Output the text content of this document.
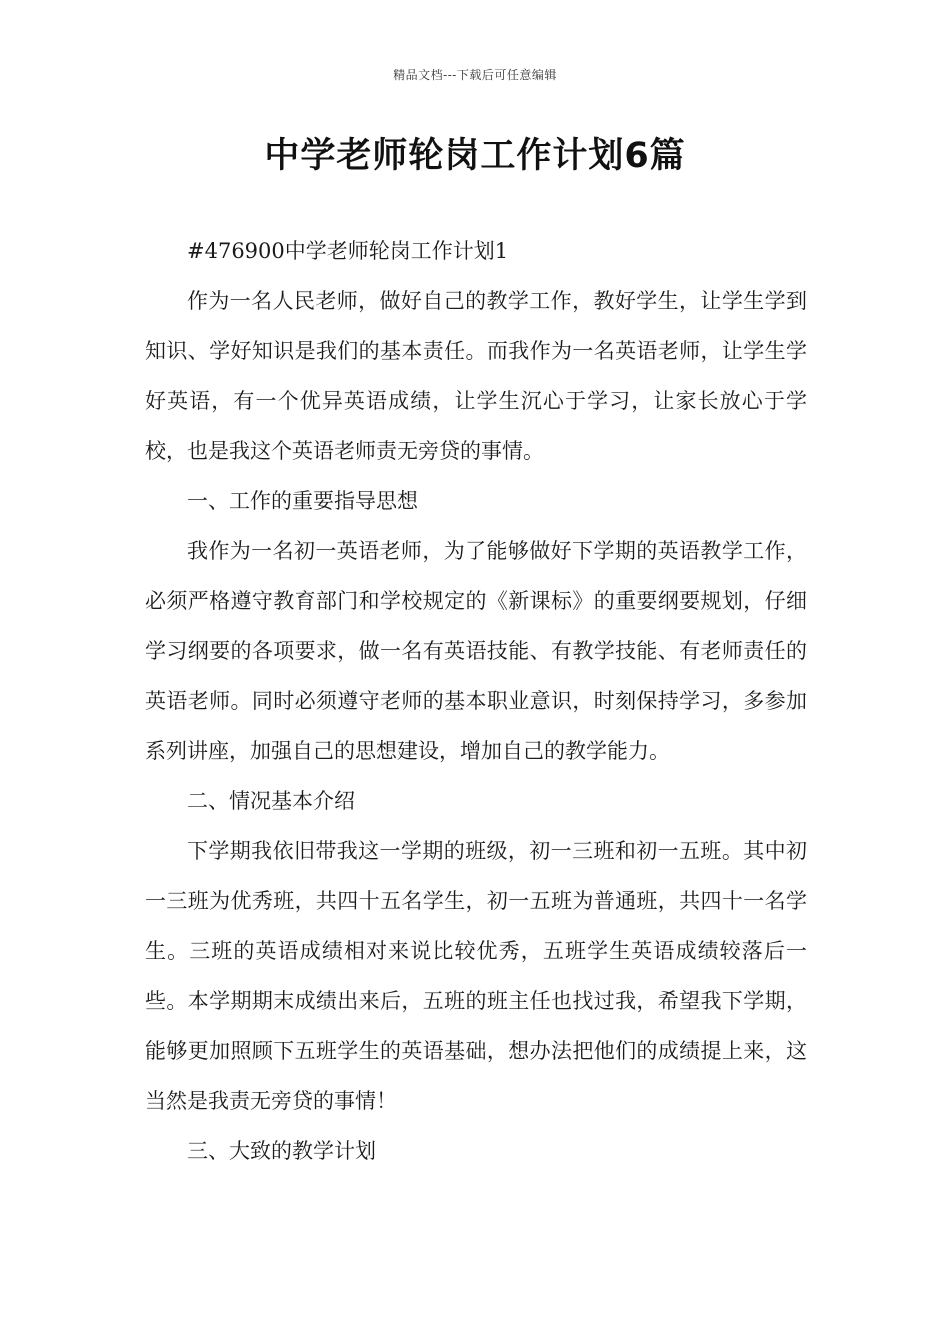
精品文档---下载后可任意编辑
中学老师轮岗工作计划6篇

#476900中学老师轮岗工作计划1

作为一名人民老师，做好自己的教学工作，教好学生，让学生学到知识、学好知识是我们的基本责任。而我作为一名英语老师，让学生学好英语，有一个优异英语成绩，让学生沉心于学习，让家长放心于学校，也是我这个英语老师责无旁贷的事情。

一、工作的重要指导思想

我作为一名初一英语老师，为了能够做好下学期的英语教学工作，必须严格遵守教育部门和学校规定的《新课标》的重要纲要规划，仔细学习纲要的各项要求，做一名有英语技能、有教学技能、有老师责任的英语老师。同时必须遵守老师的基本职业意识，时刻保持学习，多参加系列讲座，加强自己的思想建设，增加自己的教学能力。

二、情况基本介绍

下学期我依旧带我这一学期的班级，初一三班和初一五班。其中初一三班为优秀班，共四十五名学生，初一五班为普通班，共四十一名学生。三班的英语成绩相对来说比较优秀，五班学生英语成绩较落后一些。本学期期末成绩出来后，五班的班主任也找过我，希望我下学期，能够更加照顾下五班学生的英语基础，想办法把他们的成绩提上来，这当然是我责无旁贷的事情！

三、大致的教学计划
